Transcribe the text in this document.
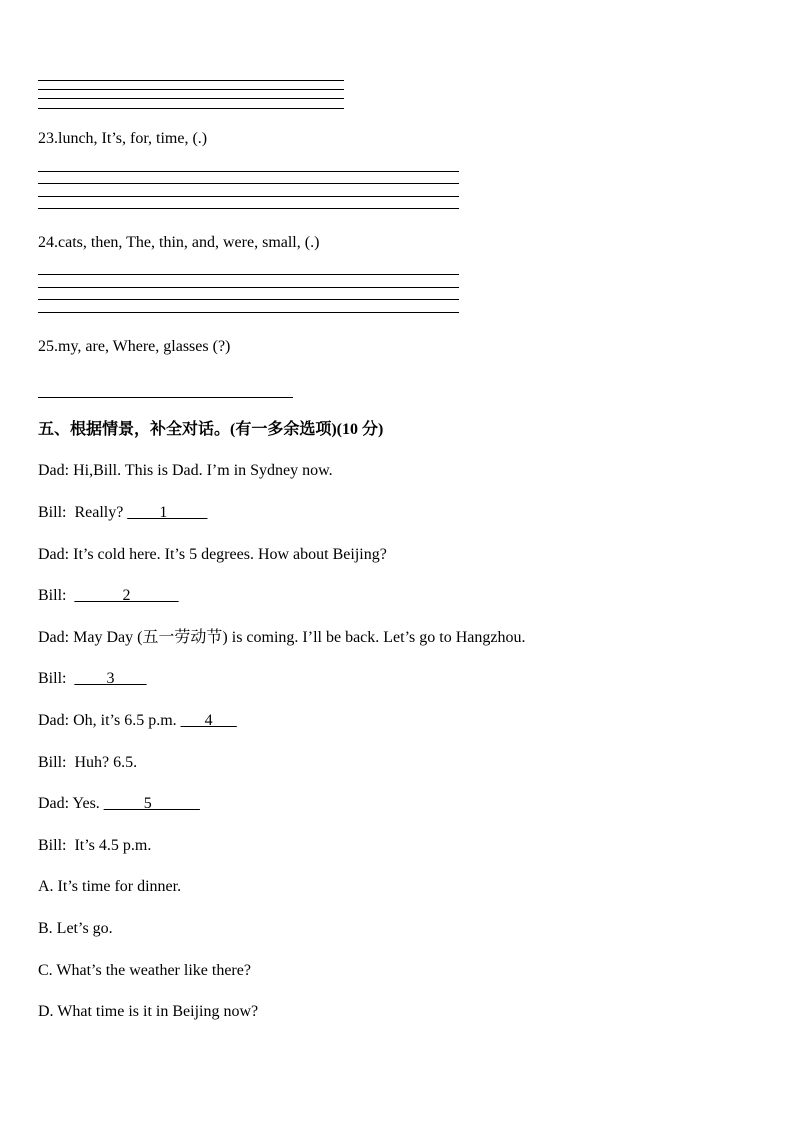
23.lunch, It’s, for, time, (.)
24.cats, then, The, thin, and, were, small, (.)
25.my, are, Where, glasses (?)
五、根据情景，补全对话。(有一多余选项)(10 分)
Dad: Hi,Bill. This is Dad. I’m in Sydney now.
Bill: Really? ____1_____
Dad: It’s cold here. It’s 5 degrees. How about Beijing?
Bill: ______2______
Dad: May Day (五一劳动节) is coming. I’ll be back. Let’s go to Hangzhou.
Bill: ____3____
Dad: Oh, it’s 6.5 p.m. ___4___
Bill: Huh? 6.5.
Dad: Yes. _____5______
Bill: It’s 4.5 p.m.
A. It’s time for dinner.
B. Let’s go.
C. What’s the weather like there?
D. What time is it in Beijing now?
